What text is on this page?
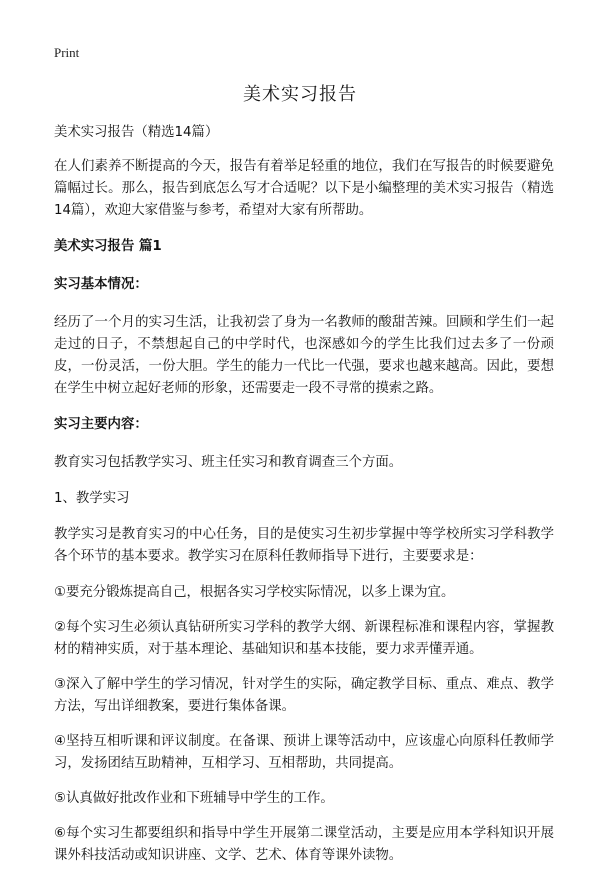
Print
美术实习报告

美术实习报告（精选14篇）

在人们素养不断提高的今天，报告有着举足轻重的地位，我们在写报告的时候要避免篇幅过长。那么，报告到底怎么写才合适呢？以下是小编整理的美术实习报告（精选14篇），欢迎大家借鉴与参考，希望对大家有所帮助。

美术实习报告 篇1

实习基本情况：

经历了一个月的实习生活，让我初尝了身为一名教师的酸甜苦辣。回顾和学生们一起走过的日子，不禁想起自己的中学时代，也深感如今的学生比我们过去多了一份顽皮，一份灵活，一份大胆。学生的能力一代比一代强，要求也越来越高。因此，要想在学生中树立起好老师的形象，还需要走一段不寻常的摸索之路。

实习主要内容：

教育实习包括教学实习、班主任实习和教育调查三个方面。

1、教学实习

教学实习是教育实习的中心任务，目的是使实习生初步掌握中等学校所实习学科教学各个环节的基本要求。教学实习在原科任教师指导下进行，主要要求是：

①要充分锻炼提高自己，根据各实习学校实际情况，以多上课为宜。

②每个实习生必须认真钻研所实习学科的教学大纲、新课程标准和课程内容，掌握教材的精神实质，对于基本理论、基础知识和基本技能，要力求弄懂弄通。

③深入了解中学生的学习情况，针对学生的实际，确定教学目标、重点、难点、教学方法，写出详细教案，要进行集体备课。

④坚持互相听课和评议制度。在备课、预讲上课等活动中，应该虚心向原科任教师学习，发扬团结互助精神，互相学习、互相帮助，共同提高。

⑤认真做好批改作业和下班辅导中学生的工作。

⑥每个实习生都要组织和指导中学生开展第二课堂活动，主要是应用本学科知识开展课外科技活动或知识讲座、文学、艺术、体育等课外读物。
